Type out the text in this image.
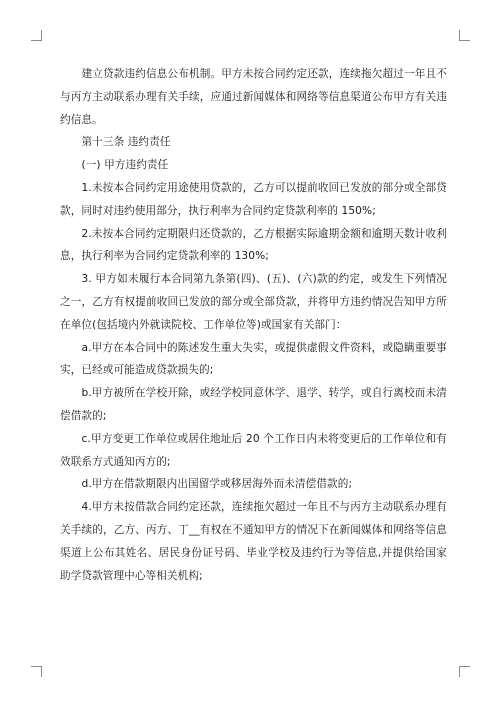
建立贷款违约信息公布机制。甲方未按合同约定还款，连续拖欠超过一年且不与丙方主动联系办理有关手续，应通过新闻媒体和网络等信息渠道公布甲方有关违约信息。

第十三条 违约责任

(一) 甲方违约责任

1.未按本合同约定用途使用贷款的，乙方可以提前收回已发放的部分或全部贷款，同时对违约使用部分，执行利率为合同约定贷款利率的 150%;

2.未按本合同约定期限归还贷款的，乙方根据实际逾期金额和逾期天数计收利息，执行利率为合同约定贷款利率的 130%;

3. 甲方如未履行本合同第九条第(四)、(五)、(六)款的约定，或发生下列情况之一，乙方有权提前收回已发放的部分或全部贷款，并将甲方违约情况告知甲方所在单位(包括境内外就读院校、工作单位等)或国家有关部门：

a.甲方在本合同中的陈述发生重大失实，或提供虚假文件资料，或隐瞒重要事实，已经或可能造成贷款损失的;

b.甲方被所在学校开除，或经学校同意休学、退学、转学，或自行离校而未清偿借款的;

c.甲方变更工作单位或居住地址后 20 个工作日内未将变更后的工作单位和有效联系方式通知丙方的;

d.甲方在借款期限内出国留学或移居海外而未清偿借款的;

4.甲方未按借款合同约定还款，连续拖欠超过一年且不与丙方主动联系办理有关手续的，乙方、丙方、丁__有权在不通知甲方的情况下在新闻媒体和网络等信息渠道上公布其姓名、居民身份证号码、毕业学校及违约行为等信息,并提供给国家助学贷款管理中心等相关机构;
